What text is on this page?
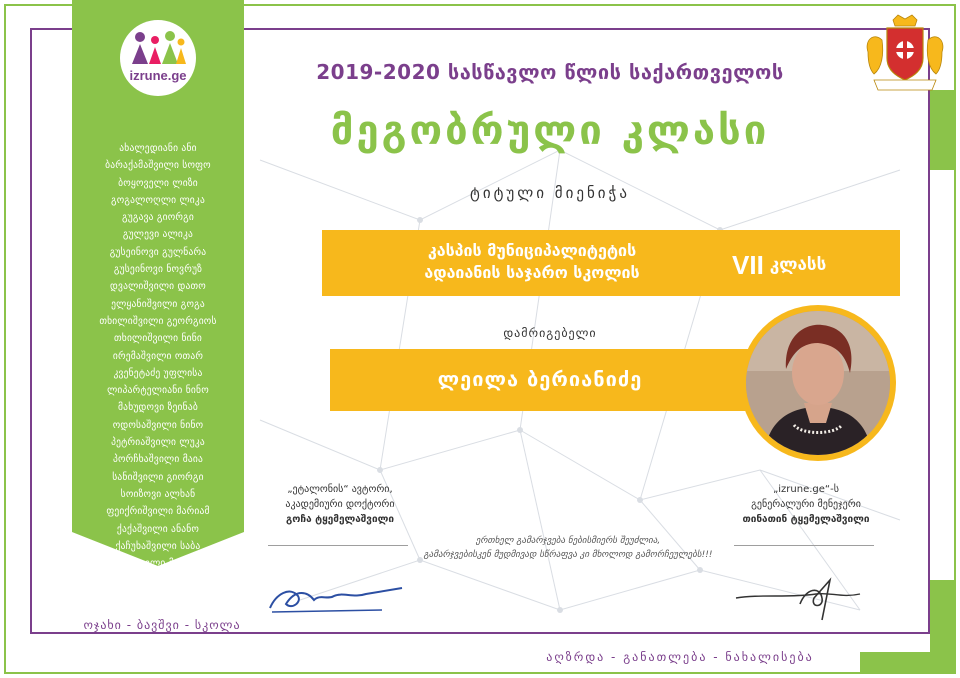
izrune.ge
ახალედიანი ანი
ბარაქამაშვილი სოფო
ბოყოველი ლიზი
გოგალოღლი ლიკა
გუგავა გიორგი
გულევი ალიკა
გუსეინოვი გულნარა
გუსეინოვი ნოვრუზ
დვალიშვილი დათო
ელყანიშვილი გოგა
თხილიშვილი გეორგიოს
თხილიშვილი ნინი
ირემაშვილი ოთარ
კვენეტაძე უფლისა
ლიპარტელიანი ნინო
მახუდოვი ზეინაბ
ოდოსაშვილი ნინო
პეტრიაშვილი ლუკა
პორჩხაშვილი მაია
სანიშვილი გიორგი
სოიზოვი ალხან
ფეიქრიშვილი მარიამ
ქაქაშვილი ანანო
ქაჩუხაშვილი საბა
ხოდელი მათე
ოჯახი - ბავშვი - სკოლა
2019-2020 სასწავლო წლის საქართველოს
მეგობრული კლასი
ტიტული მიენიჭა
კასპის მუნიციპალიტეტის
ადაიანის საჯარო სკოლის	VII კლასს
დამრიგებელი
ლეილა ბერიანიძე
„ეტალონის“ ავტორი,
აკადემიური დოქტორი
გოჩა ტყემელაშვილი
„izrune.ge“-ს
გენერალური მენეჯერი
თინათინ ტყემელაშვილი
ერთხელ გამარჯვება ნებისმიერს შეუძლია,
გამარჯვებისკენ მუდმივად სწრაფვა კი მხოლოდ გამორჩეულებს!!!
აღზრდა - განათლება - ნახალისება
